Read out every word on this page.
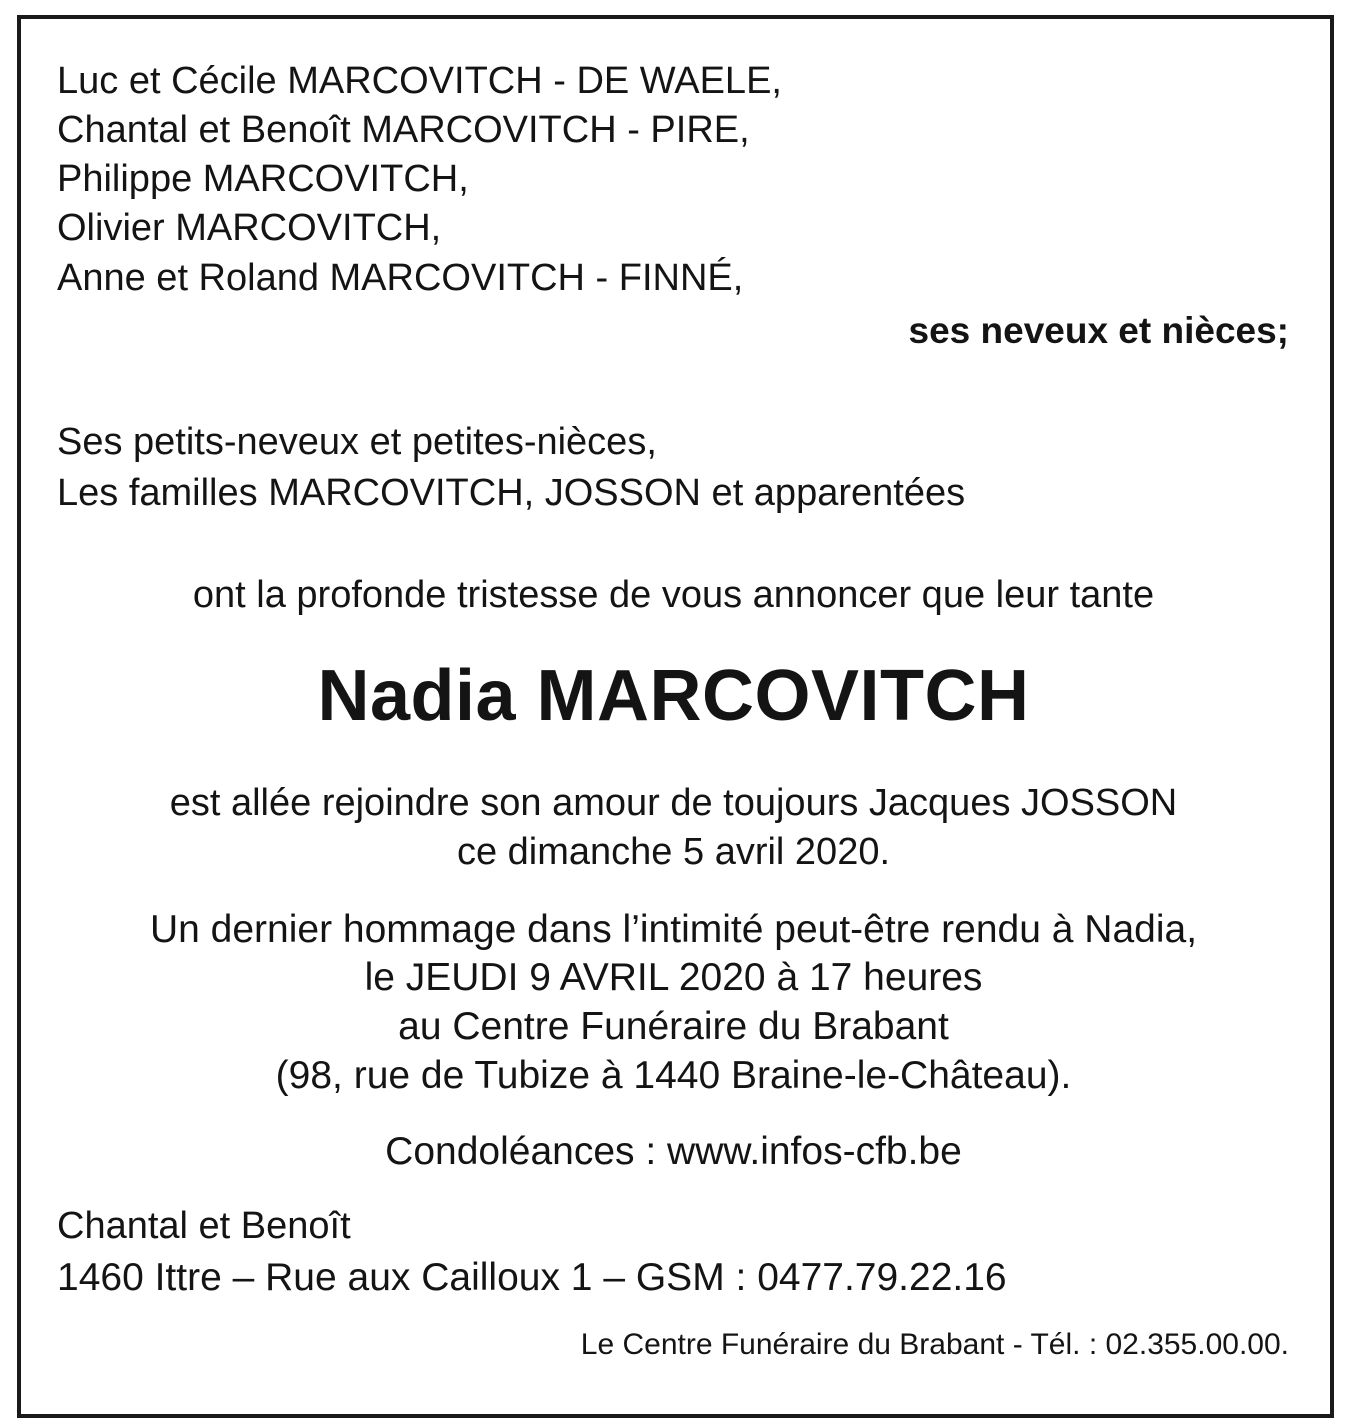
Luc et Cécile MARCOVITCH - DE WAELE,
Chantal et Benoît MARCOVITCH - PIRE,
Philippe MARCOVITCH,
Olivier MARCOVITCH,
Anne et Roland MARCOVITCH - FINNÉ,
ses neveux et nièces;
Ses petits-neveux et petites-nièces,
Les familles MARCOVITCH, JOSSON et apparentées
ont la profonde tristesse de vous annoncer que leur tante
Nadia MARCOVITCH
est allée rejoindre son amour de toujours Jacques JOSSON
ce dimanche 5 avril 2020.
Un dernier hommage dans l’intimité peut-être rendu à Nadia,
le JEUDI 9 AVRIL 2020 à 17 heures
au Centre Funéraire du Brabant
(98, rue de Tubize à 1440 Braine-le-Château).
Condoléances : www.infos-cfb.be
Chantal et Benoît
1460 Ittre – Rue aux Cailloux 1 – GSM : 0477.79.22.16
Le Centre Funéraire du Brabant - Tél. : 02.355.00.00.
